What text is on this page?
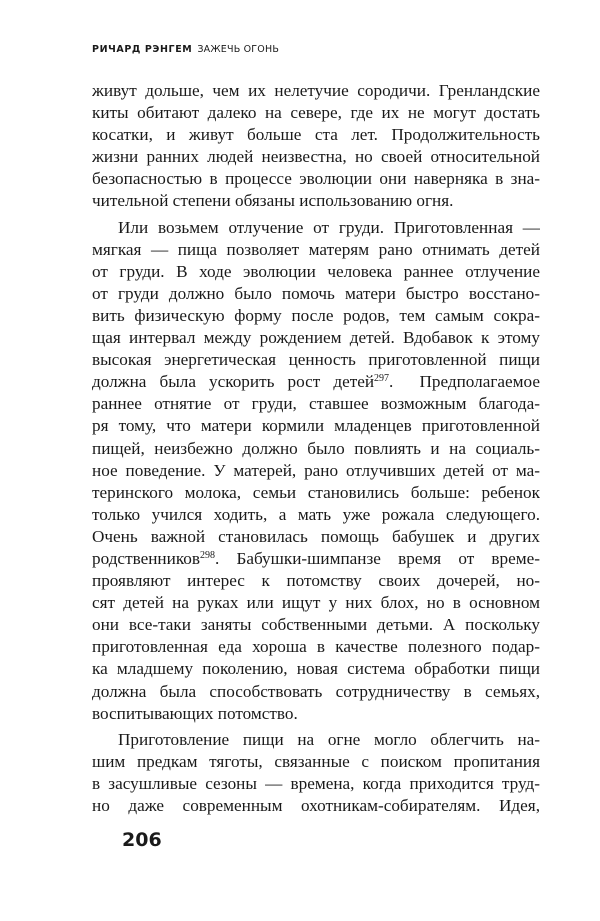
РИЧАРД РЭНГЕМ ЗАЖЕЧЬ ОГОНЬ
живут дольше, чем их нелетучие сородичи. Гренландские
киты обитают далеко на севере, где их не могут достать
косатки, и живут больше ста лет. Продолжительность
жизни ранних людей неизвестна, но своей относительной
безопасностью в процессе эволюции они наверняка в зна-
чительной степени обязаны использованию огня.
Или возьмем отлучение от груди. Приготовленная —
мягкая — пища позволяет матерям рано отнимать детей
от груди. В ходе эволюции человека раннее отлучение
от груди должно было помочь матери быстро восстано-
вить физическую форму после родов, тем самым сокра-
щая интервал между рождением детей. Вдобавок к этому
высокая энергетическая ценность приготовленной пищи
должна была ускорить рост детей$^{297}$.  Предполагаемое
раннее отнятие от груди, ставшее возможным благода-
ря тому, что матери кормили младенцев приготовленной
пищей, неизбежно должно было повлиять и на социаль-
ное поведение. У матерей, рано отлучивших детей от ма-
теринского молока, семьи становились больше: ребенок
только учился ходить, а мать уже рожала следующего.
Очень важной становилась помощь бабушек и других
родственников$^{298}$. Бабушки-шимпанзе время от време-
проявляют интерес к потомству своих дочерей, но-
сят детей на руках или ищут у них блох, но в основном
они все-таки заняты собственными детьми. А поскольку
приготовленная еда хороша в качестве полезного подар-
ка младшему поколению, новая система обработки пищи
должна была способствовать сотрудничеству в семьях,
воспитывающих потомство.
Приготовление пищи на огне могло облегчить на-
шим предкам тяготы, связанные с поиском пропитания
в засушливые сезоны — времена, когда приходится труд-
но даже современным охотникам-собирателям. Идея,
206
